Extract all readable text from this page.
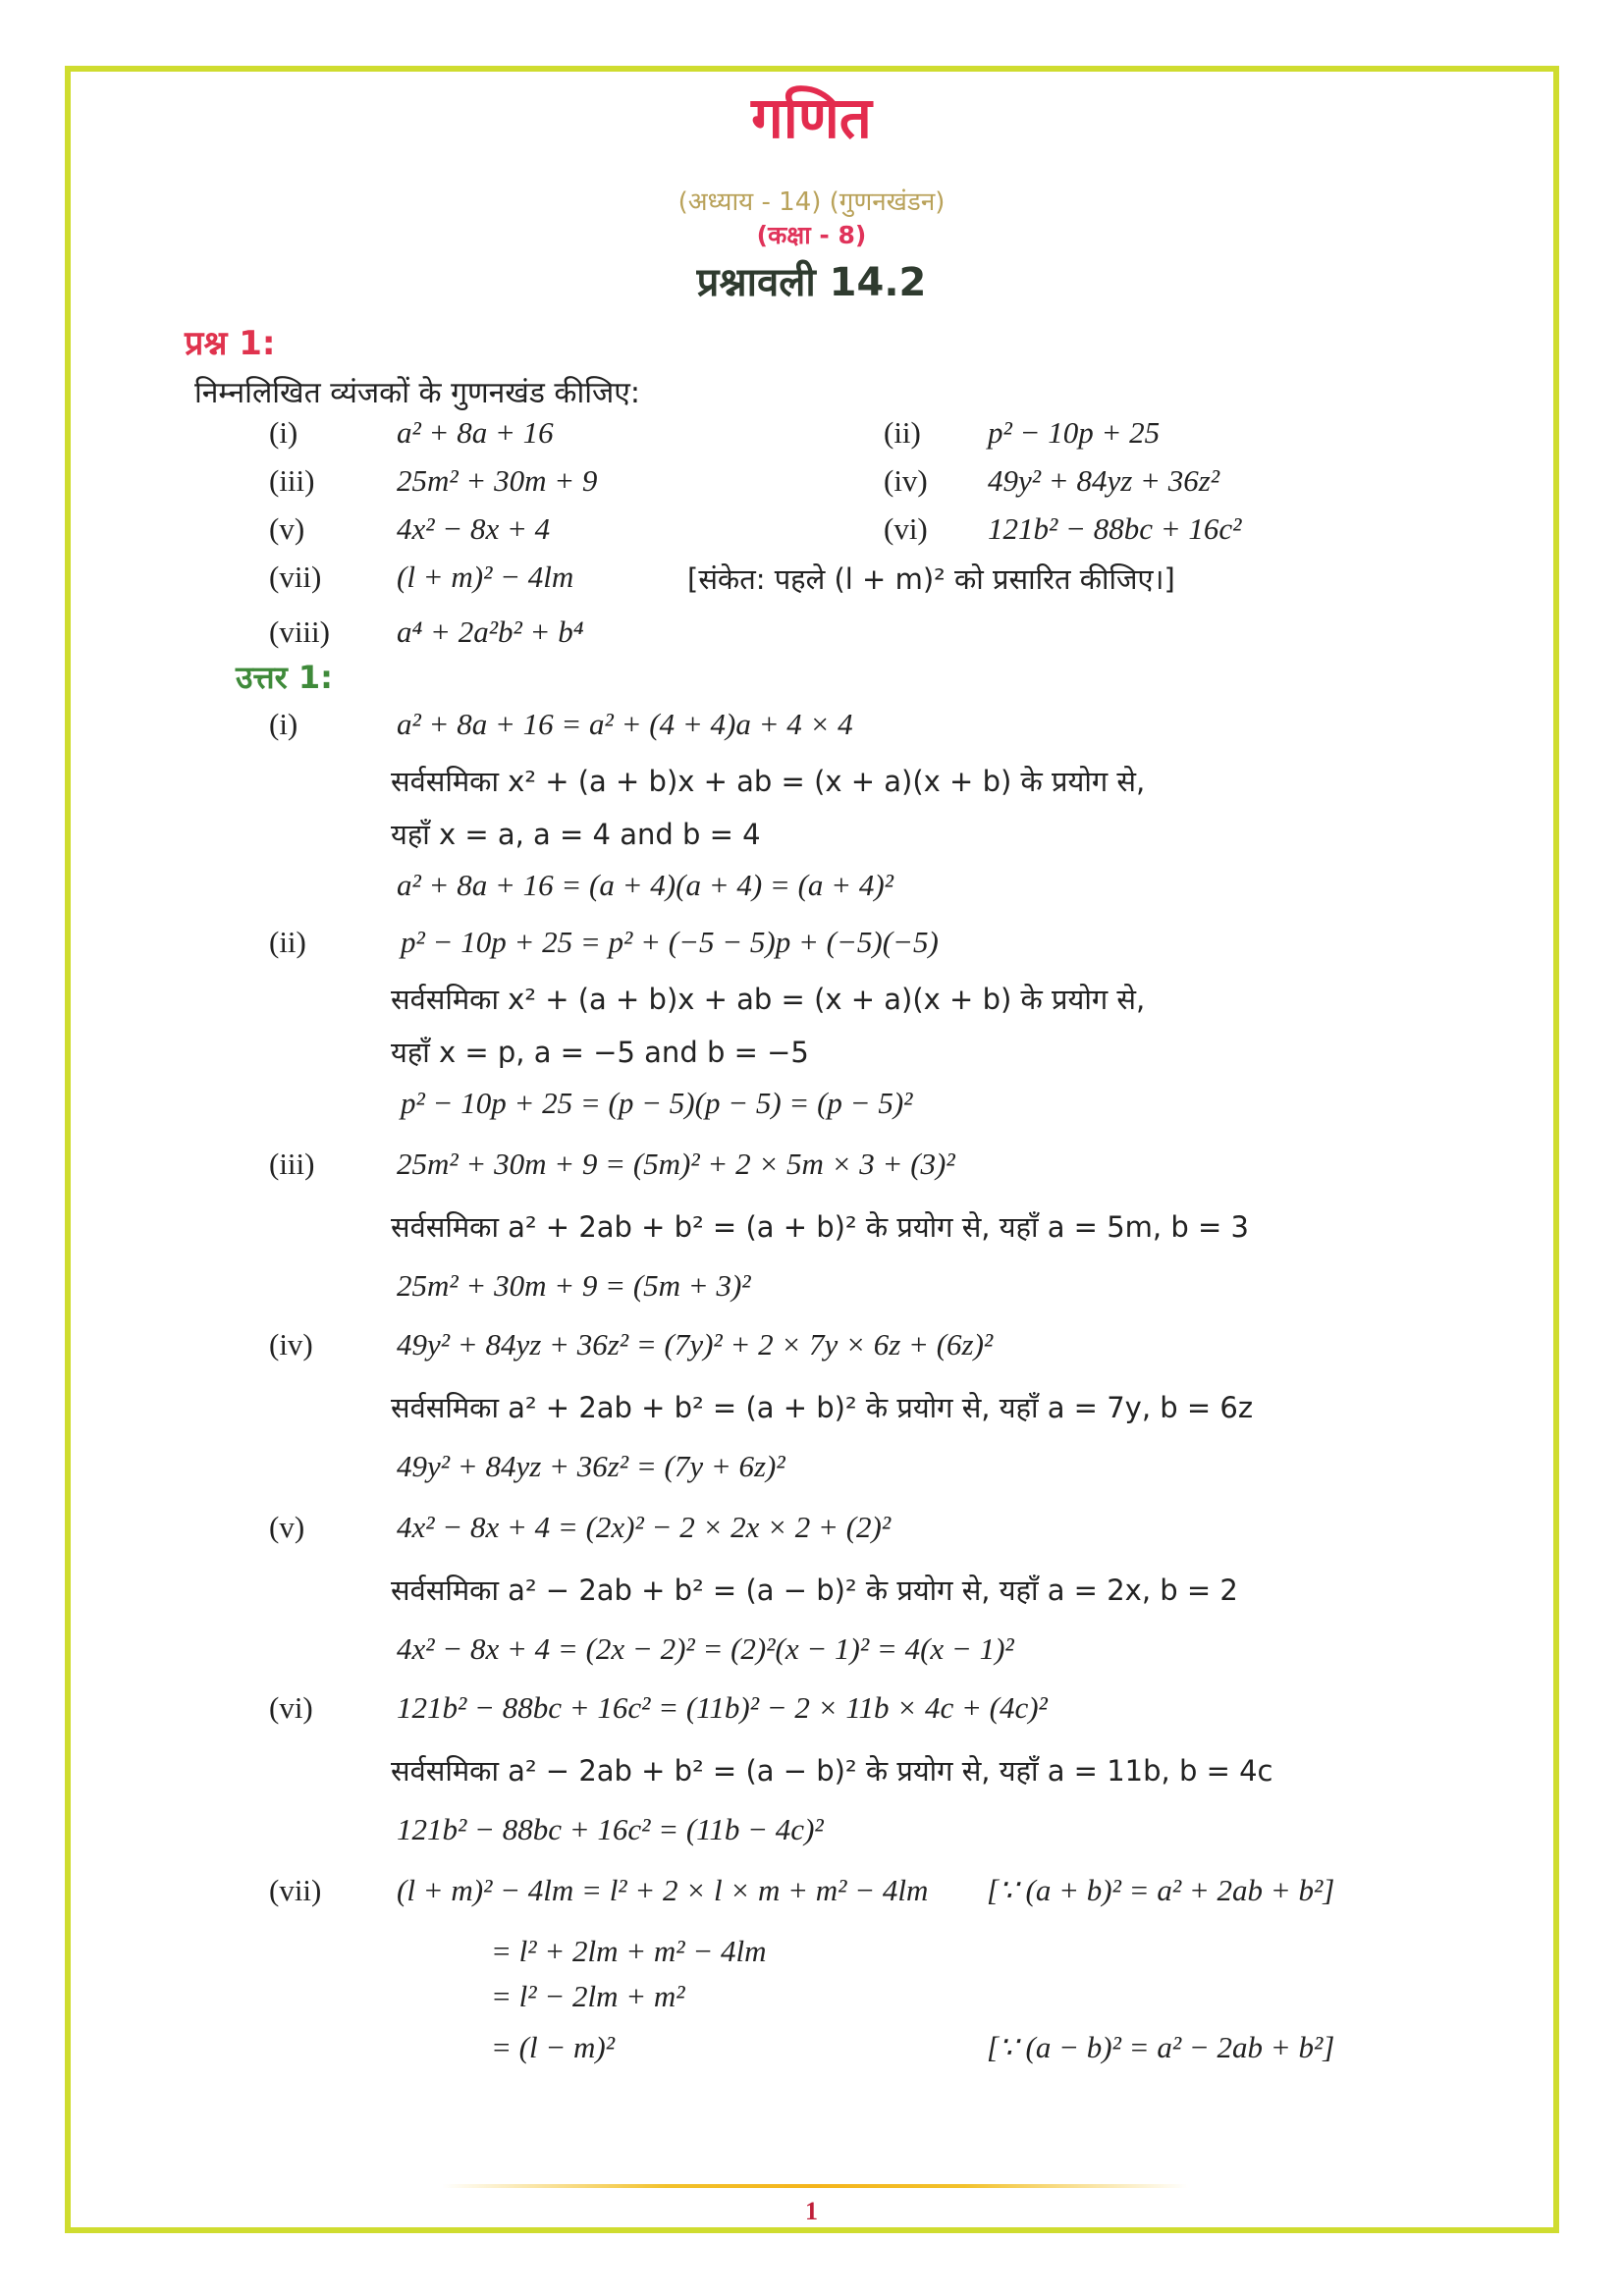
गणित
(अध्याय - 14) (गुणनखंडन)
(कक्षा - 8)
प्रश्नावली 14.2
प्रश्न 1:
निम्नलिखित व्यंजकों के गुणनखंड कीजिए:
(i)	a² + 8a + 16	(ii) p² − 10p + 25
(iii)	25m² + 30m + 9	(iv) 49y² + 84yz + 36z²
(v)	4x² − 8x + 4	(vi) 121b² − 88bc + 16c²
(vii) (l + m)² − 4lm	[संकेत: पहले (l + m)² को प्रसारित कीजिए।]
(viii) a⁴ + 2a²b² + b⁴
उत्तर 1:
(i)	a² + 8a + 16 = a² + (4 + 4)a + 4 × 4
सर्वसमिका x² + (a + b)x + ab = (x + a)(x + b) के प्रयोग से,
यहाँ x = a, a = 4 and b = 4
a² + 8a + 16 = (a + 4)(a + 4) = (a + 4)²
(ii)	p² − 10p + 25 = p² + (−5 − 5)p + (−5)(−5)
सर्वसमिका x² + (a + b)x + ab = (x + a)(x + b) के प्रयोग से,
यहाँ x = p, a = −5 and b = −5
p² − 10p + 25 = (p − 5)(p − 5) = (p − 5)²
(iii)	25m² + 30m + 9 = (5m)² + 2 × 5m × 3 + (3)²
सर्वसमिका a² + 2ab + b² = (a + b)² के प्रयोग से, यहाँ a = 5m, b = 3
25m² + 30m + 9 = (5m + 3)²
(iv)	49y² + 84yz + 36z² = (7y)² + 2 × 7y × 6z + (6z)²
सर्वसमिका a² + 2ab + b² = (a + b)² के प्रयोग से, यहाँ a = 7y, b = 6z
49y² + 84yz + 36z² = (7y + 6z)²
(v)	4x² − 8x + 4 = (2x)² − 2 × 2x × 2 + (2)²
सर्वसमिका a² − 2ab + b² = (a − b)² के प्रयोग से, यहाँ a = 2x, b = 2
4x² − 8x + 4 = (2x − 2)² = (2)²(x − 1)² = 4(x − 1)²
(vi)	121b² − 88bc + 16c² = (11b)² − 2 × 11b × 4c + (4c)²
सर्वसमिका a² − 2ab + b² = (a − b)² के प्रयोग से, यहाँ a = 11b, b = 4c
121b² − 88bc + 16c² = (11b − 4c)²
(vii) (l + m)² − 4lm = l² + 2 × l × m + m² − 4lm
= l² + 2lm + m² − 4lm
= l² − 2lm + m²
= (l − m)²
[∵ (a + b)² = a² + 2ab + b²]
[∵ (a − b)² = a² − 2ab + b²]
1
